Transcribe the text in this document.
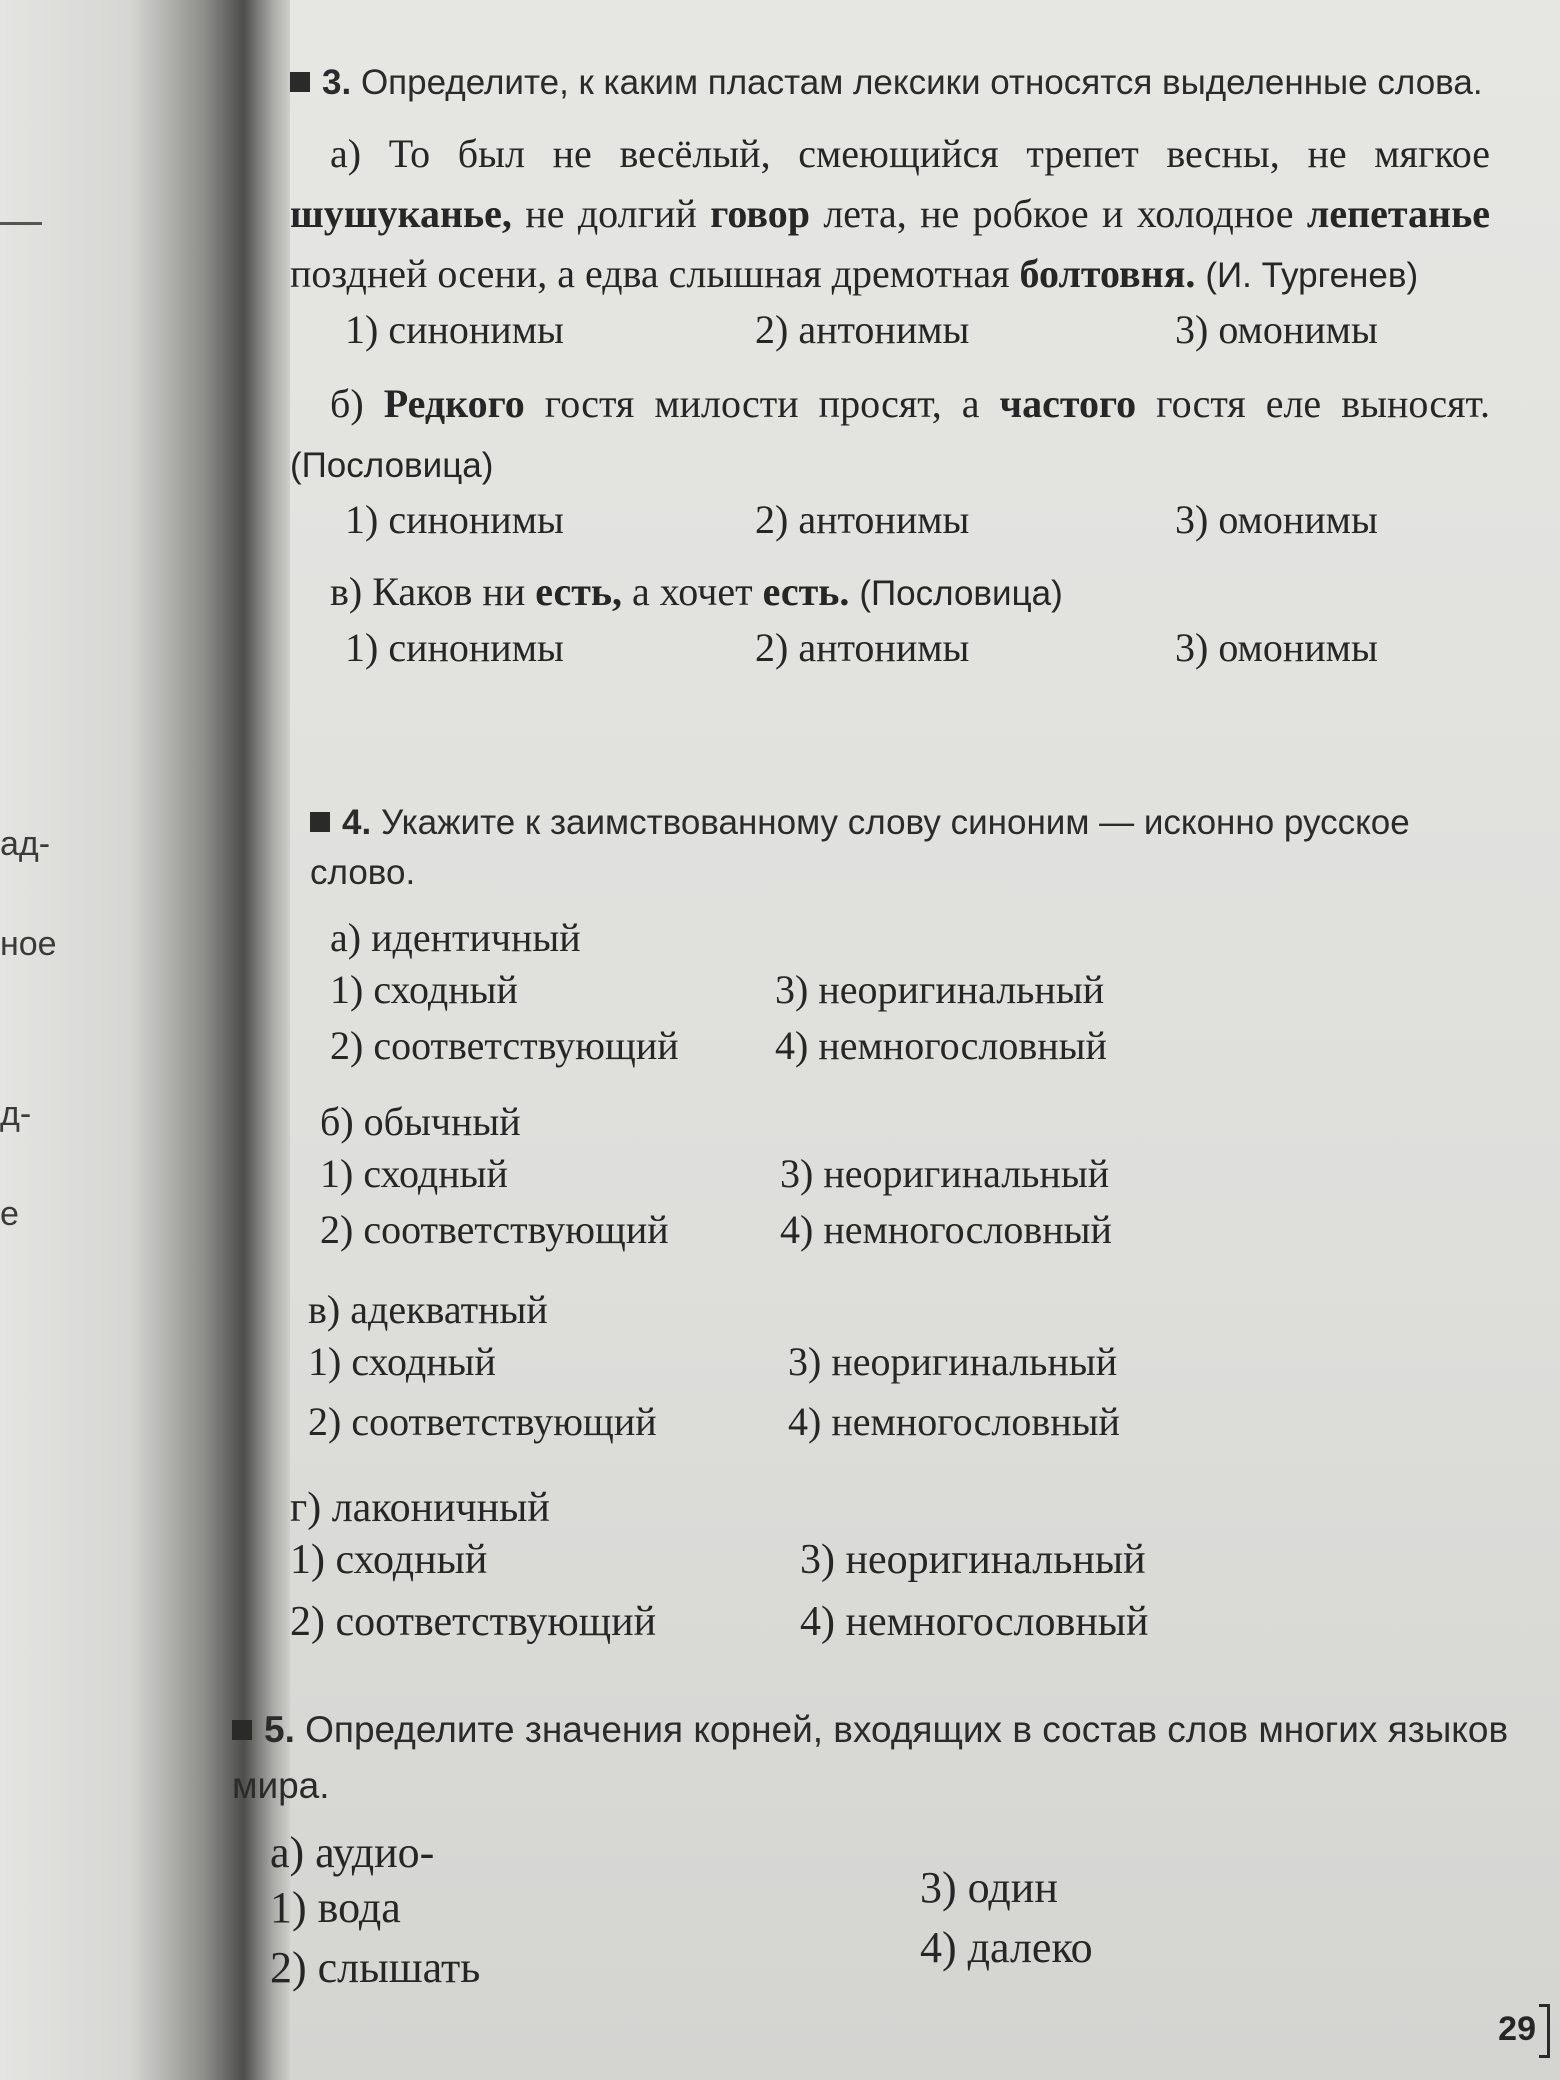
ад-
ное
д-
е

3. Определите, к каким пластам лексики относятся выделенные слова.

а) То был не весёлый, смеющийся трепет весны, не мягкое шушуканье, не долгий говор лета, не робкое и холодное лепетанье поздней осени, а едва слышная дремотная болтовня. (И. Тургенев)

1) синонимы	2) антонимы	3) омонимы

б) Редкого гостя милости просят, а частого гостя еле выносят. (Пословица)

1) синонимы	2) антонимы	3) омонимы

в) Каков ни есть, а хочет есть. (Пословица)

1) синонимы	2) антонимы	3) омонимы

4. Укажите к заимствованному слову синоним — исконно русское слово.

а) идентичный

1) сходный	3) неоригинальный
2) соответствующий 4) немногословный

б) обычный

1) сходный	3) неоригинальный
2) соответствующий	4) немногословный

в) адекватный

1) сходный	3) неоригинальный
2) соответствующий	4) немногословный

г) лаконичный

1) сходный	3) неоригинальный
2) соответствующий	4) немногословный

5. Определите значения корней, входящих в состав слов многих языков мира.

а) аудио-

1) вода	3) один
2) слышать	4) далеко
29
